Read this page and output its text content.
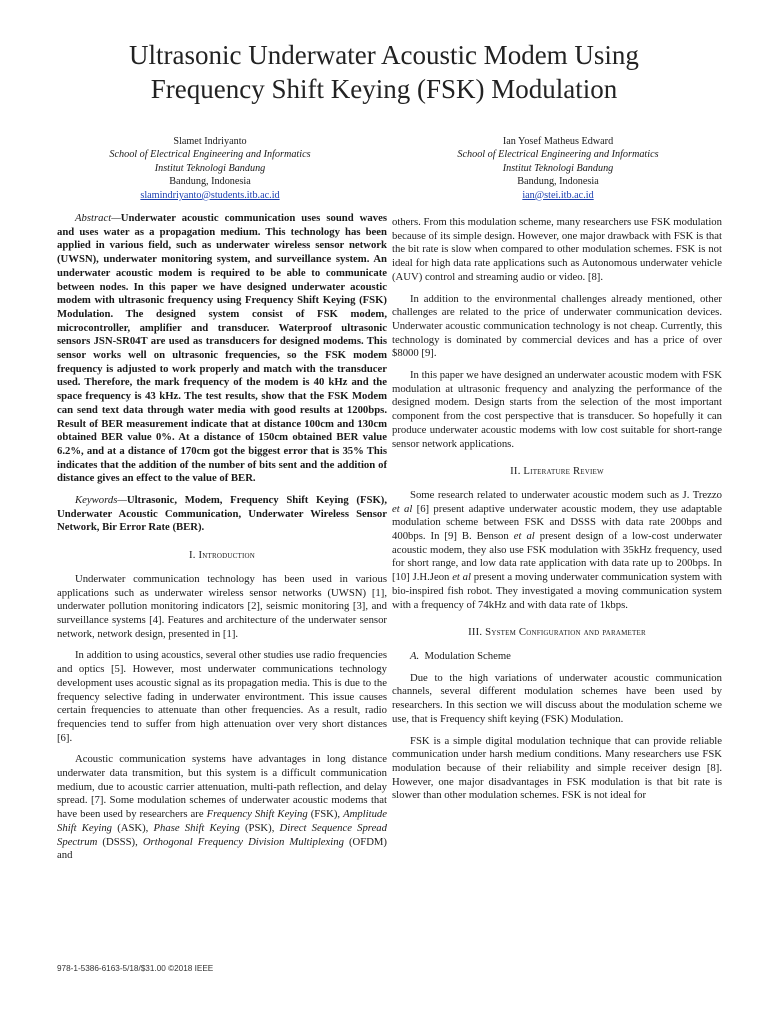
Ultrasonic Underwater Acoustic Modem Using
Frequency Shift Keying (FSK) Modulation
Slamet Indriyanto
School of Electrical Engineering and Informatics
Institut Teknologi Bandung
Bandung, Indonesia
slamindriyanto@students.itb.ac.id
Ian Yosef Matheus Edward
School of Electrical Engineering and Informatics
Institut Teknologi Bandung
Bandung, Indonesia
ian@stei.itb.ac.id

Abstract—Underwater acoustic communication uses sound waves and uses water as a propagation medium. This technology has been applied in various field, such as underwater wireless sensor network (UWSN), underwater monitoring system, and surveillance system. An underwater acoustic modem is required to be able to communicate between nodes. In this paper we have designed underwater acoustic modem with ultrasonic frequency using Frequency Shift Keying (FSK) Modulation. The designed system consist of FSK modem, microcontroller, amplifier and transducer. Waterproof ultrasonic sensors JSN-SR04T are used as transducers for designed modems. This sensor works well on ultrasonic frequencies, so the FSK modem frequency is adjusted to work properly and match with the transducer used. Therefore, the mark frequency of the modem is 40 kHz and the space frequency is 43 kHz. The test results, show that the FSK Modem can send text data through water media with good results at 1200bps. Result of BER measurement indicate that at distance 100cm and 130cm obtained BER value 0%. At a distance of 150cm obtained BER value 6.2%, and at a distance of 170cm got the biggest error that is 35% This indicates that the addition of the number of bits sent and the addition of distance gives an effect to the value of BER.

Keywords—Ultrasonic, Modem, Frequency Shift Keying (FSK), Underwater Acoustic Communication, Underwater Wireless Sensor Network, Bir Error Rate (BER).

I. Introduction

Underwater communication technology has been used in various applications such as underwater wireless sensor networks (UWSN) [1], underwater pollution monitoring indicators [2], seismic monitoring [3], and surveillance systems [4]. Features and architecture of the underwater sensor network, network design, presented in [1].

In addition to using acoustics, several other studies use radio frequencies and optics [5]. However, most underwater communications technology development uses acoustic signal as its propagation media. This is due to the frequency selective fading in underwater environtment. This issue causes certain frequencies to attenuate than other frequencies. As a result, radio frequencies tend to suffer from high attenuation over very short distances [6].

Acoustic communication systems have advantages in long distance underwater data transmition, but this system is a difficult communication medium, due to acoustic carrier attenuation, multi-path reflection, and delay spread. [7]. Some modulation schemes of underwater acoustic modems that have been used by researchers are Frequency Shift Keying (FSK), Amplitude Shift Keying (ASK), Phase Shift Keying (PSK), Direct Sequence Spread Spectrum (DSSS), Orthogonal Frequency Division Multiplexing (OFDM) and

others. From this modulation scheme, many researchers use FSK modulation because of its simple design. However, one major drawback with FSK is that the bit rate is slow when compared to other modulation schemes. FSK is not ideal for high data rate applications such as Autonomous underwater vehicle (AUV) control and streaming audio or video. [8].

In addition to the environmental challenges already mentioned, other challenges are related to the price of underwater communication devices. Underwater acoustic communication technology is not cheap. Currently, this technology is dominated by commercial devices and has a price of over $8000 [9].

In this paper we have designed an underwater acoustic modem with FSK modulation at ultrasonic frequency and analyzing the performance of the designed modem. Design starts from the selection of the most important component from the cost perspective that is transducer. So hopefully it can produce underwater acoustic modems with low cost suitable for short-range sensor network applications.

II. Literature Review

Some research related to underwater acoustic modem such as J. Trezzo et al [6] present adaptive underwater acoustic modem, they use adaptable modulation scheme between FSK and DSSS with data rate 200bps and 400bps. In [9] B. Benson et al present design of a low-cost underwater acoustic modem, they also use FSK modulation with 35kHz frequency, used for short range, and low data rate application with data rate up to 200bps. In [10] J.H.Jeon et al present a moving underwater communication system with bio-inspired fish robot. They investigated a moving communication system with a frequency of 74kHz and with data rate of 1kbps.

III. System Configuration and parameter

A. Modulation Scheme

Due to the high variations of underwater acoustic communication channels, several different modulation schemes have been used by researchers. In this section we will discuss about the modulation scheme we use, that is Frequency shift keying (FSK) Modulation.

FSK is a simple digital modulation technique that can provide reliable communication under harsh medium conditions. Many researchers use FSK modulation because of their reliability and simple receiver design [8]. However, one major disadvantages in FSK modulation is that bit rate is slower than other modulation schemes. FSK is not ideal for

978-1-5386-6163-5/18/$31.00 ©2018 IEEE
